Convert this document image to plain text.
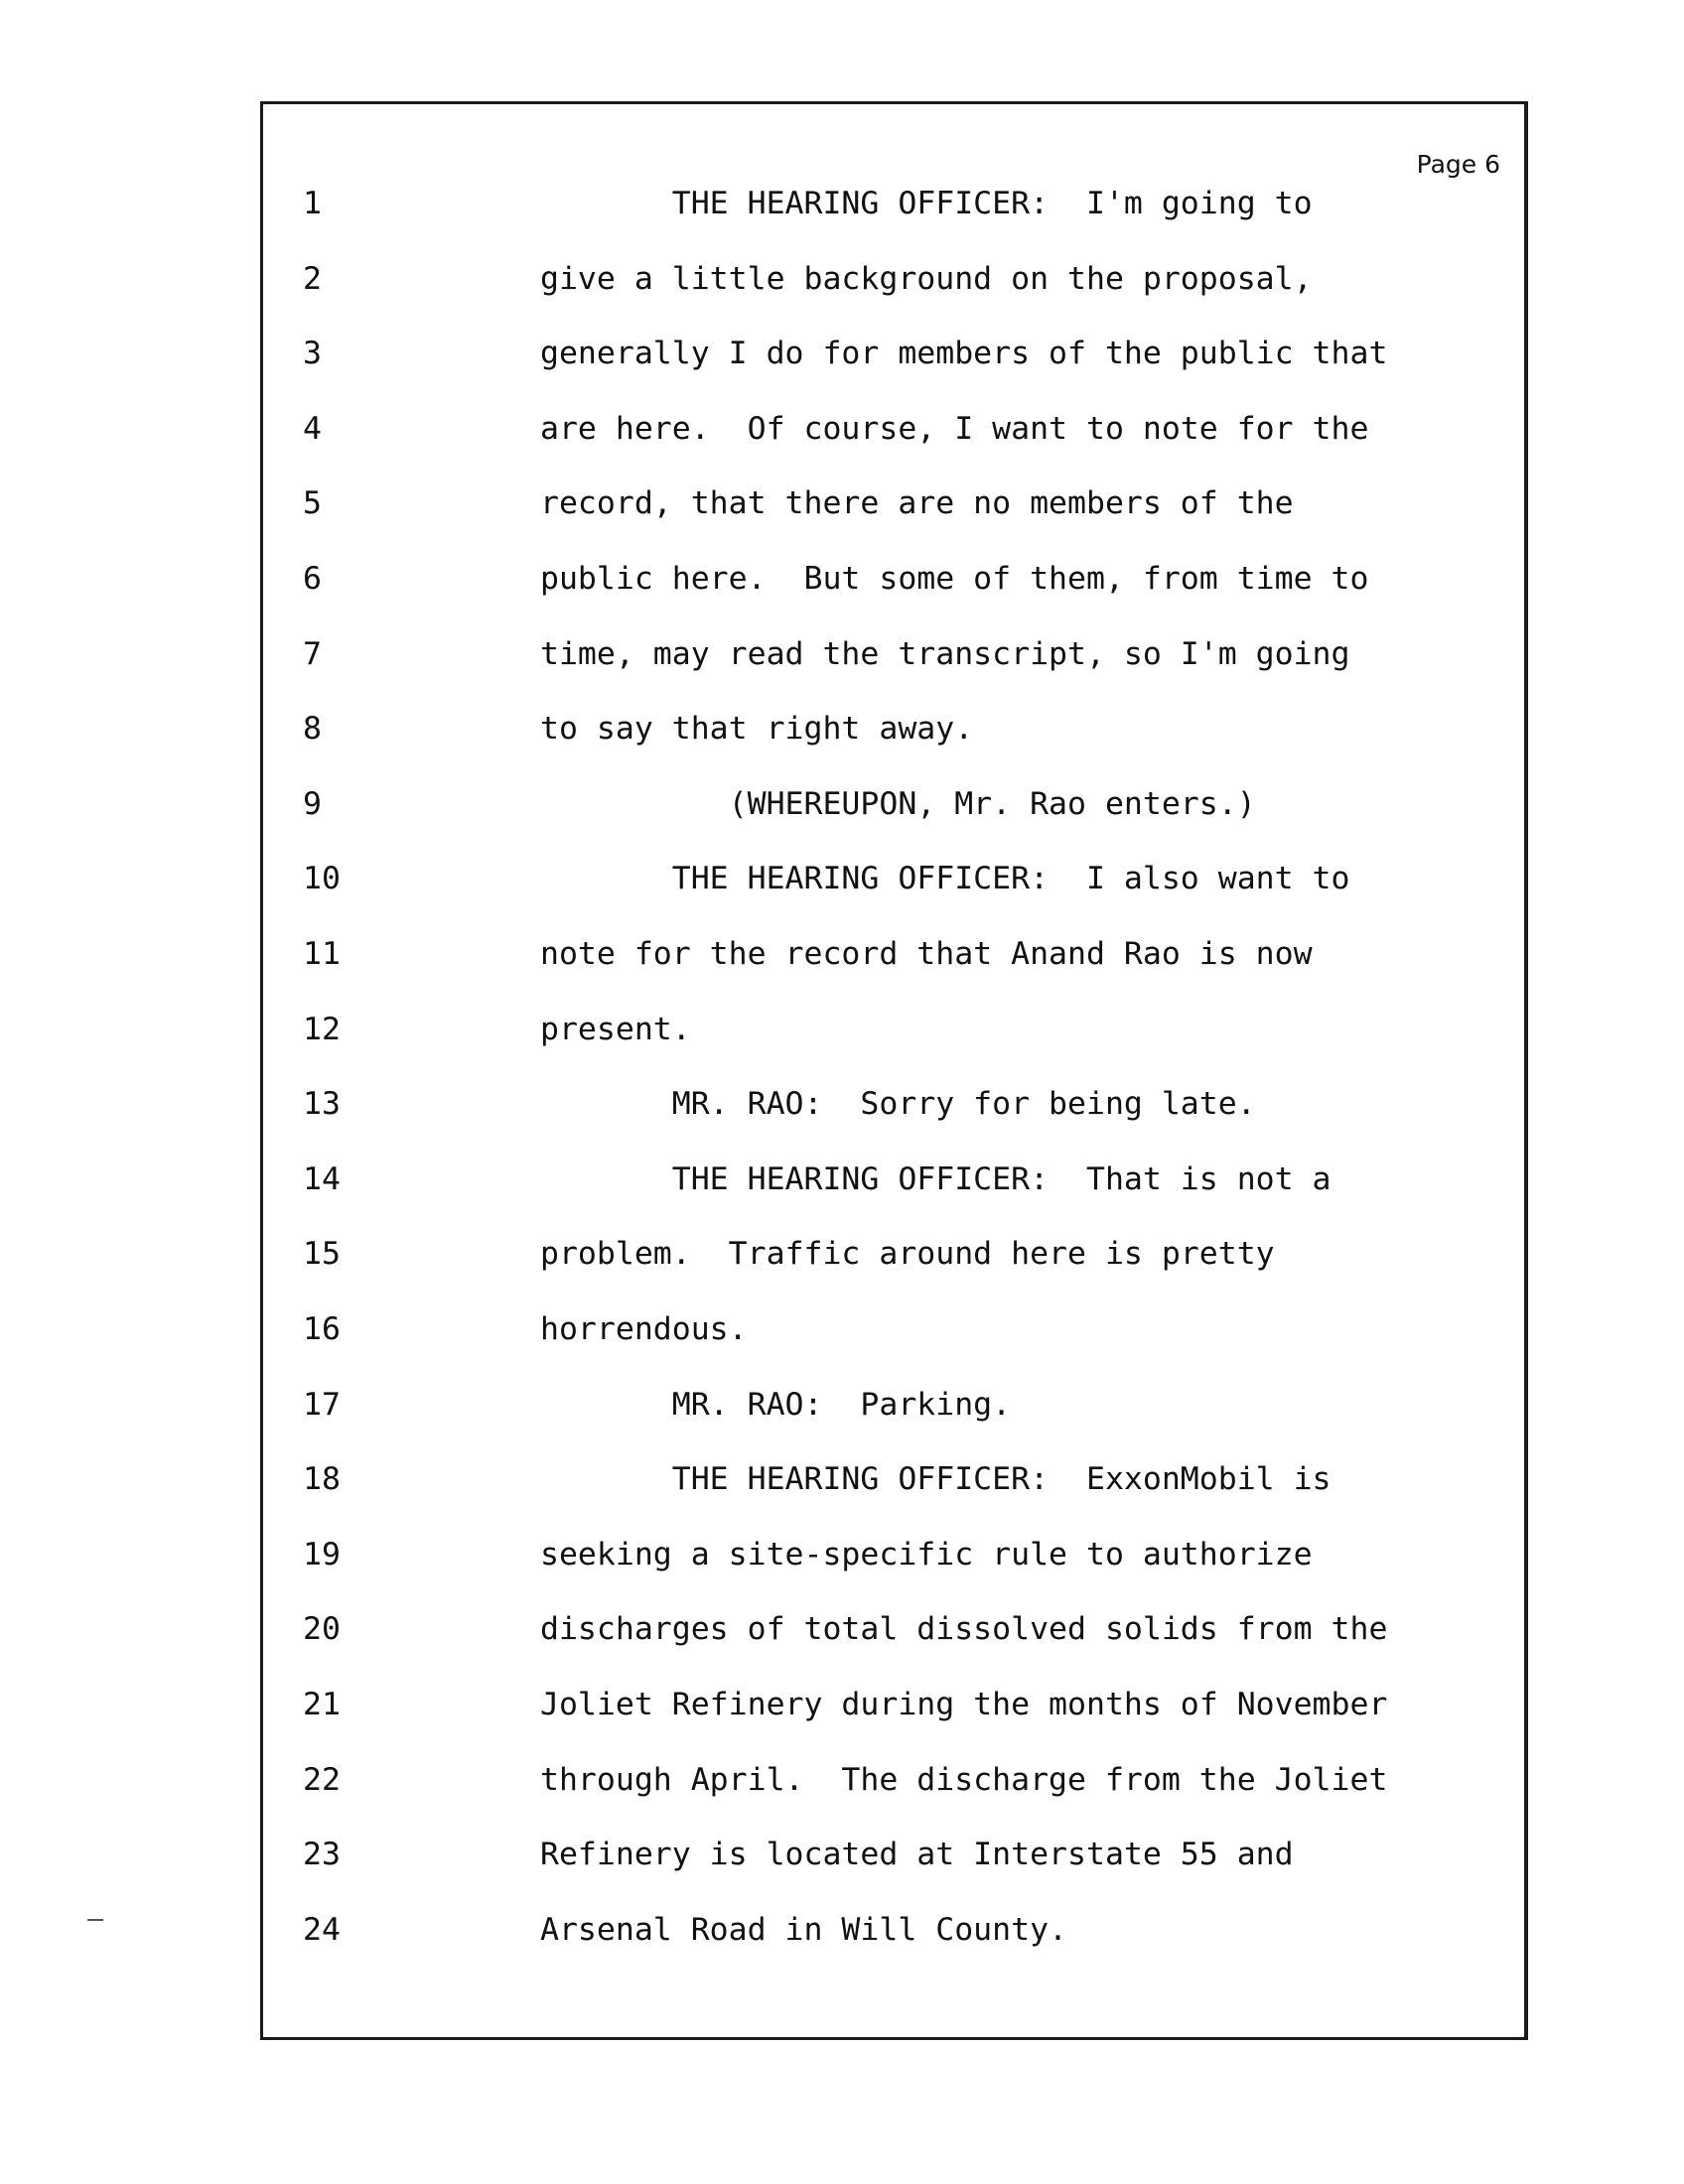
Page 6
1	THE HEARING OFFICER:  I'm going to
2	give a little background on the proposal,
3	generally I do for members of the public that
4	are here.  Of course, I want to note for the
5	record, that there are no members of the
6	public here.  But some of them, from time to
7	time, may read the transcript, so I'm going
8	to say that right away.
9	(WHEREUPON, Mr. Rao enters.)
10	THE HEARING OFFICER:  I also want to
11	note for the record that Anand Rao is now
12	present.
13	MR. RAO:  Sorry for being late.
14	THE HEARING OFFICER:  That is not a
15	problem.  Traffic around here is pretty
16	horrendous.
17	MR. RAO:  Parking.
18	THE HEARING OFFICER:  ExxonMobil is
19	seeking a site-specific rule to authorize
20	discharges of total dissolved solids from the
21	Joliet Refinery during the months of November
22	through April.  The discharge from the Joliet
23	Refinery is located at Interstate 55 and
24	Arsenal Road in Will County.
